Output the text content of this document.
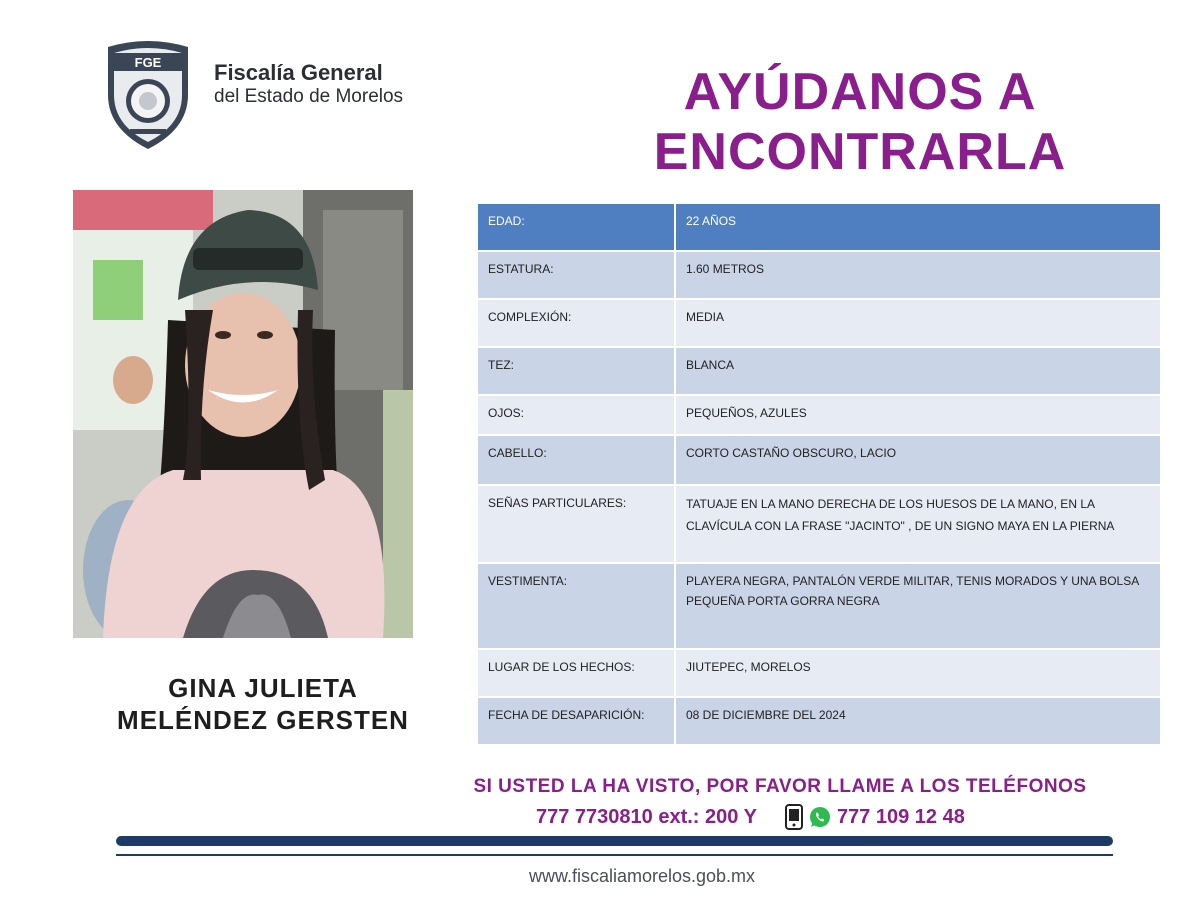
FGE Fiscalía General
del Estado de Morelos	AYÚDANOS A
ENCONTRARLA
GINA JULIETA
MELÉNDEZ GERSTEN
EDAD:	22 AÑOS
ESTATURA:	1.60 METROS
COMPLEXIÓN:	MEDIA
TEZ:	BLANCA
OJOS:	PEQUEÑOS, AZULES
CABELLO:	CORTO CASTAÑO OBSCURO, LACIO
SEÑAS PARTICULARES:	TATUAJE EN LA MANO DERECHA DE LOS HUESOS DE LA MANO, EN LA CLAVÍCULA CON LA FRASE "JACINTO" , DE UN SIGNO MAYA EN LA PIERNA
VESTIMENTA:	PLAYERA NEGRA, PANTALÓN VERDE MILITAR, TENIS MORADOS Y UNA BOLSA PEQUEÑA PORTA GORRA NEGRA
LUGAR DE LOS HECHOS:	JIUTEPEC, MORELOS
FECHA DE DESAPARICIÓN:	08 DE DICIEMBRE DEL 2024
SI USTED LA HA VISTO, POR FAVOR LLAME A LOS TELÉFONOS
777 7730810 ext.: 200 Y	777 109 12 48
www.fiscaliamorelos.gob.mx
